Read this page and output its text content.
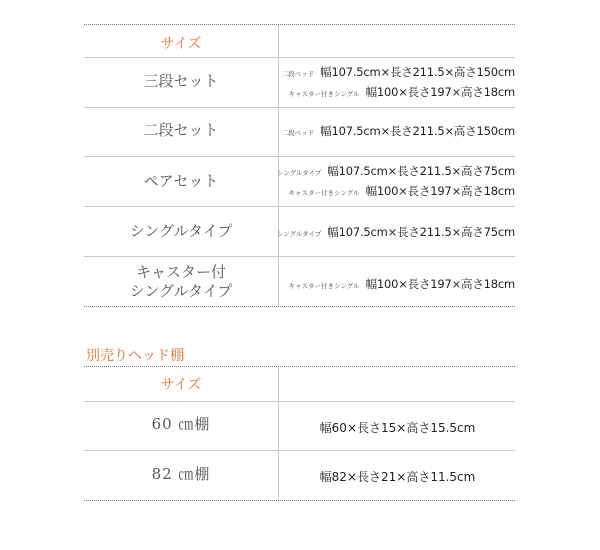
サイズ
三段セット	二段ベッド 幅107.5cm×長さ211.5×高さ150cm
キャスター付きシングル 幅100×長さ197×高さ18cm
二段セット	二段ベッド 幅107.5cm×長さ211.5×高さ150cm
ペアセット	シングルタイプ 幅107.5cm×長さ211.5×高さ75cm
キャスター付きシングル 幅100×長さ197×高さ18cm
シングルタイプ	シングルタイプ 幅107.5cm×長さ211.5×高さ75cm
キャスター付
シングルタイプ	キャスター付きシングル 幅100×長さ197×高さ18cm
別売りヘッド棚
サイズ
60 ㎝棚	幅60×長さ15×高さ15.5cm
82 ㎝棚	幅82×長さ21×高さ11.5cm
